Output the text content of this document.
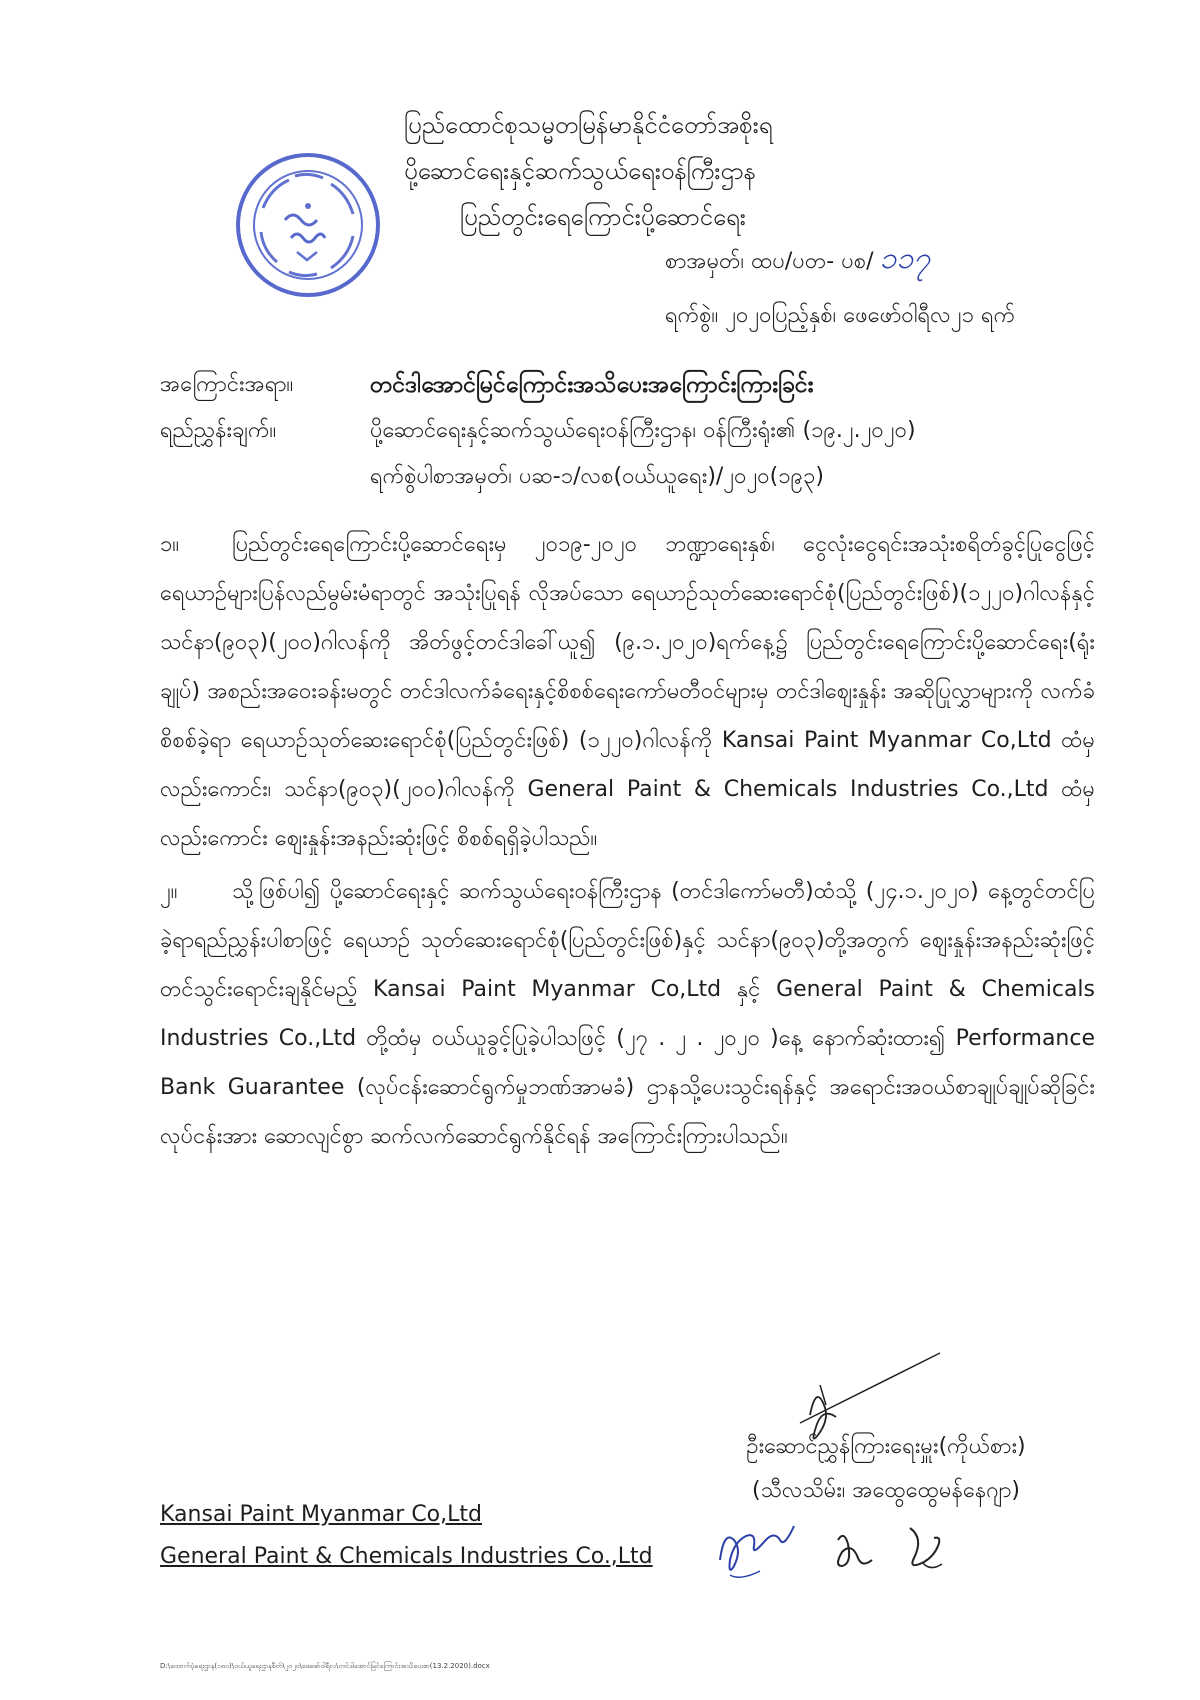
ပြည်ထောင်စုသမ္မတမြန်မာနိုင်ငံတော်အစိုးရ
ပို့ဆောင်ရေးနှင့်ဆက်သွယ်ရေးဝန်ကြီးဌာန
ပြည်တွင်းရေကြောင်းပို့ဆောင်ရေး
စာအမှတ်၊ ထပ/ပတ- ပစ/ ၁၁၇
ရက်စွဲ။ ၂၀၂၀ပြည့်နှစ်၊ ဖေဖော်ဝါရီလ၂၁ ရက်
အကြောင်းအရာ။	တင်ဒါအောင်မြင်ကြောင်းအသိပေးအကြောင်းကြားခြင်း
ရည်ညွှန်းချက်။	ပို့ဆောင်ရေးနှင့်ဆက်သွယ်ရေးဝန်ကြီးဌာန၊ ဝန်ကြီးရုံး၏ (၁၉.၂.၂၀၂၀)
ရက်စွဲပါစာအမှတ်၊ ပဆ-၁/လစ(ဝယ်ယူရေး)/၂၀၂၀(၁၉၃)

၁။ ပြည်တွင်းရေကြောင်းပို့ဆောင်ရေးမှ ၂၀၁၉-၂၀၂၀ ဘဏ္ဍာရေးနှစ်၊ ငွေလုံးငွေရင်းအသုံးစရိတ်ခွင့်ပြုငွေဖြင့် ရေယာဉ်များပြန်လည်မွမ်းမံရာတွင် အသုံးပြုရန် လိုအပ်သော ရေယာဉ်သုတ်ဆေးရောင်စုံ(ပြည်တွင်းဖြစ်)(၁၂၂၀)ဂါလန်နှင့် သင်နာ(၉၀၃)(၂၀၀)ဂါလန်ကို အိတ်ဖွင့်တင်ဒါခေါ်ယူ၍ (၉.၁.၂၀၂၀)ရက်နေ့၌ ပြည်တွင်းရေကြောင်းပို့ဆောင်ရေး(ရုံးချုပ်) အစည်းအဝေးခန်းမတွင် တင်ဒါလက်ခံရေးနှင့်စိစစ်ရေးကော်မတီဝင်များမှ တင်ဒါဈေးနှုန်း အဆိုပြုလွှာများကို လက်ခံစိစစ်ခဲ့ရာ ရေယာဉ်သုတ်ဆေးရောင်စုံ(ပြည်တွင်းဖြစ်) (၁၂၂၀)ဂါလန်ကို Kansai Paint Myanmar Co,Ltd ထံမှလည်းကောင်း၊ သင်နာ(၉၀၃)(၂၀၀)ဂါလန်ကို General Paint & Chemicals Industries Co.,Ltd ထံမှလည်းကောင်း ဈေးနှုန်းအနည်းဆုံးဖြင့် စိစစ်ရရှိခဲ့ပါသည်။

၂။ သို့ဖြစ်ပါ၍ ပို့ဆောင်ရေးနှင့် ဆက်သွယ်ရေးဝန်ကြီးဌာန (တင်ဒါကော်မတီ)ထံသို့ (၂၄.၁.၂၀၂၀) နေ့တွင်တင်ပြခဲ့ရာရည်ညွှန်းပါစာဖြင့် ရေယာဉ် သုတ်ဆေးရောင်စုံ(ပြည်တွင်းဖြစ်)နှင့် သင်နာ(၉၀၃)တို့အတွက် ဈေးနှုန်းအနည်းဆုံးဖြင့် တင်သွင်းရောင်းချနိုင်မည့် Kansai Paint Myanmar Co,Ltd နှင့် General Paint & Chemicals Industries Co.,Ltd တို့ထံမှ ဝယ်ယူခွင့်ပြုခဲ့ပါသဖြင့် (၂၇ . ၂ . ၂၀၂၀ )နေ့ နောက်ဆုံးထား၍ Performance Bank Guarantee (လုပ်ငန်းဆောင်ရွက်မှုဘဏ်အာမခံ) ဌာနသို့ပေးသွင်းရန်နှင့် အရောင်းအဝယ်စာချုပ်ချုပ်ဆိုခြင်း လုပ်ငန်းအား ဆောလျင်စွာ ဆက်လက်ဆောင်ရွက်နိုင်ရန် အကြောင်းကြားပါသည်။

ဦးဆောင်ညွှန်ကြားရေးမှူး(ကိုယ်စား)
(သီလသိမ်း၊ အထွေထွေမန်နေဂျာ)
Kansai Paint Myanmar Co,Ltd
General Paint & Chemicals Industries Co.,Ltd
D:\ထောက်ပံ့ရေးဌာန(၁၈၀)\ဝယ်ယူရေးဌာနစီတ်\၂၀၂၀\ဖေဖော်ဝါရီလ\တင်ဒါအောင်မြင်ကြောင်းအသိပေးစာ(13.2.2020).docx
